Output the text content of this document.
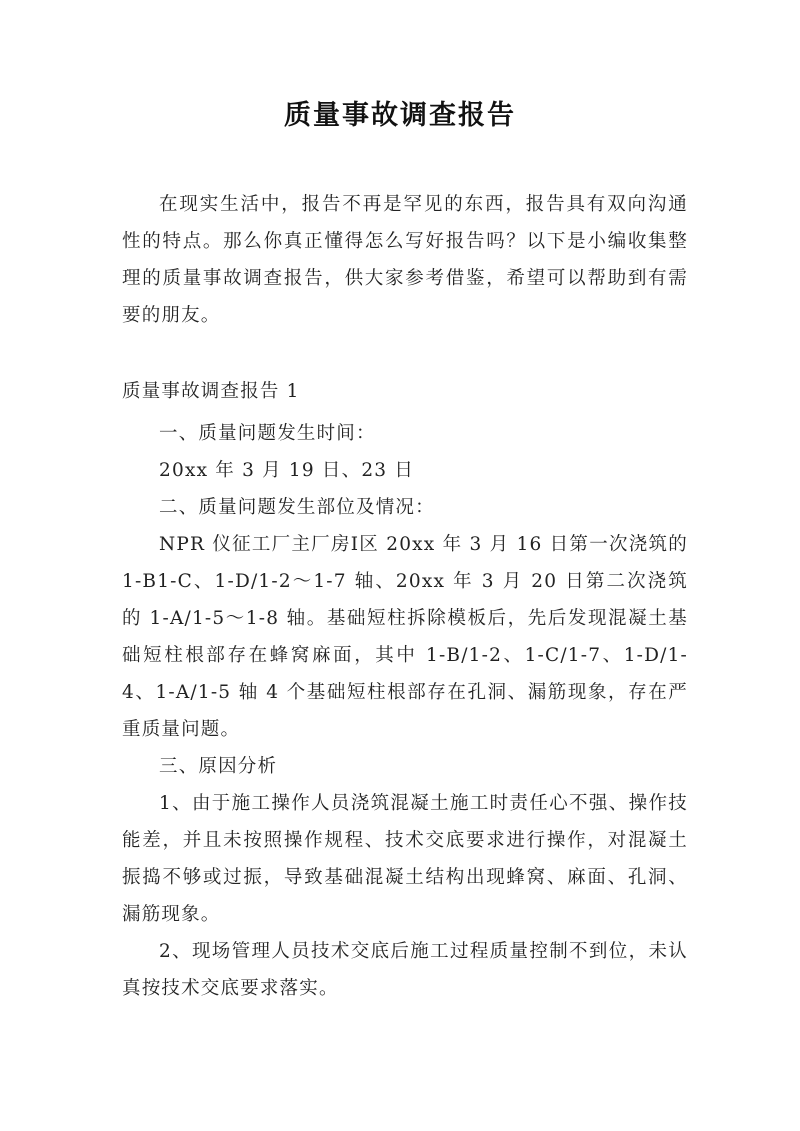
质量事故调查报告
在现实生活中，报告不再是罕见的东西，报告具有双向沟通性的特点。那么你真正懂得怎么写好报告吗？以下是小编收集整理的质量事故调查报告，供大家参考借鉴，希望可以帮助到有需要的朋友。
质量事故调查报告 1

一、质量问题发生时间：

20xx 年 3 月 19 日、23 日

二、质量问题发生部位及情况：

NPR 仪征工厂主厂房Ⅰ区 20xx 年 3 月 16 日第一次浇筑的 1-B1-C、1-D/1-2～1-7 轴、20xx 年 3 月 20 日第二次浇筑的 1-A/1-5～1-8 轴。基础短柱拆除模板后，先后发现混凝土基础短柱根部存在蜂窝麻面，其中 1-B/1-2、1-C/1-7、1-D/1-4、1-A/1-5 轴 4 个基础短柱根部存在孔洞、漏筋现象，存在严重质量问题。

三、原因分析

1、由于施工操作人员浇筑混凝土施工时责任心不强、操作技能差，并且未按照操作规程、技术交底要求进行操作，对混凝土振捣不够或过振，导致基础混凝土结构出现蜂窝、麻面、孔洞、漏筋现象。

2、现场管理人员技术交底后施工过程质量控制不到位，未认真按技术交底要求落实。
